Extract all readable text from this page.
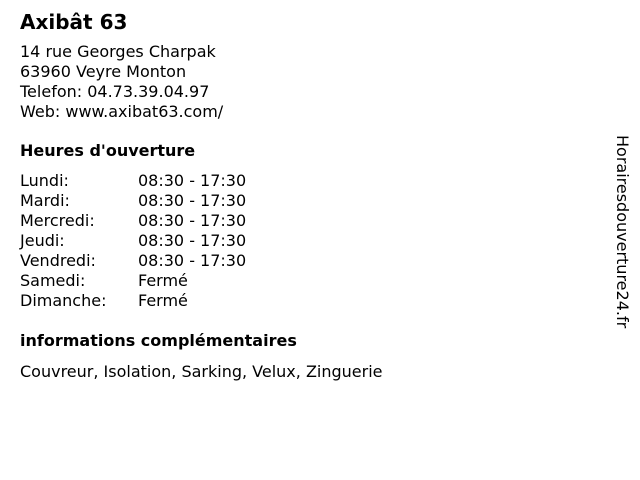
Axibât 63
14 rue Georges Charpak
63960 Veyre Monton
Telefon: 04.73.39.04.97
Web: www.axibat63.com/
Heures d'ouverture
Lundi:	08:30 - 17:30
Mardi:	08:30 - 17:30
Mercredi:	08:30 - 17:30
Jeudi:	08:30 - 17:30
Vendredi:	08:30 - 17:30
Samedi:	Fermé
Dimanche:	Fermé
informations complémentaires
Couvreur, Isolation, Sarking, Velux, Zinguerie
Horairesdouverture24.fr
